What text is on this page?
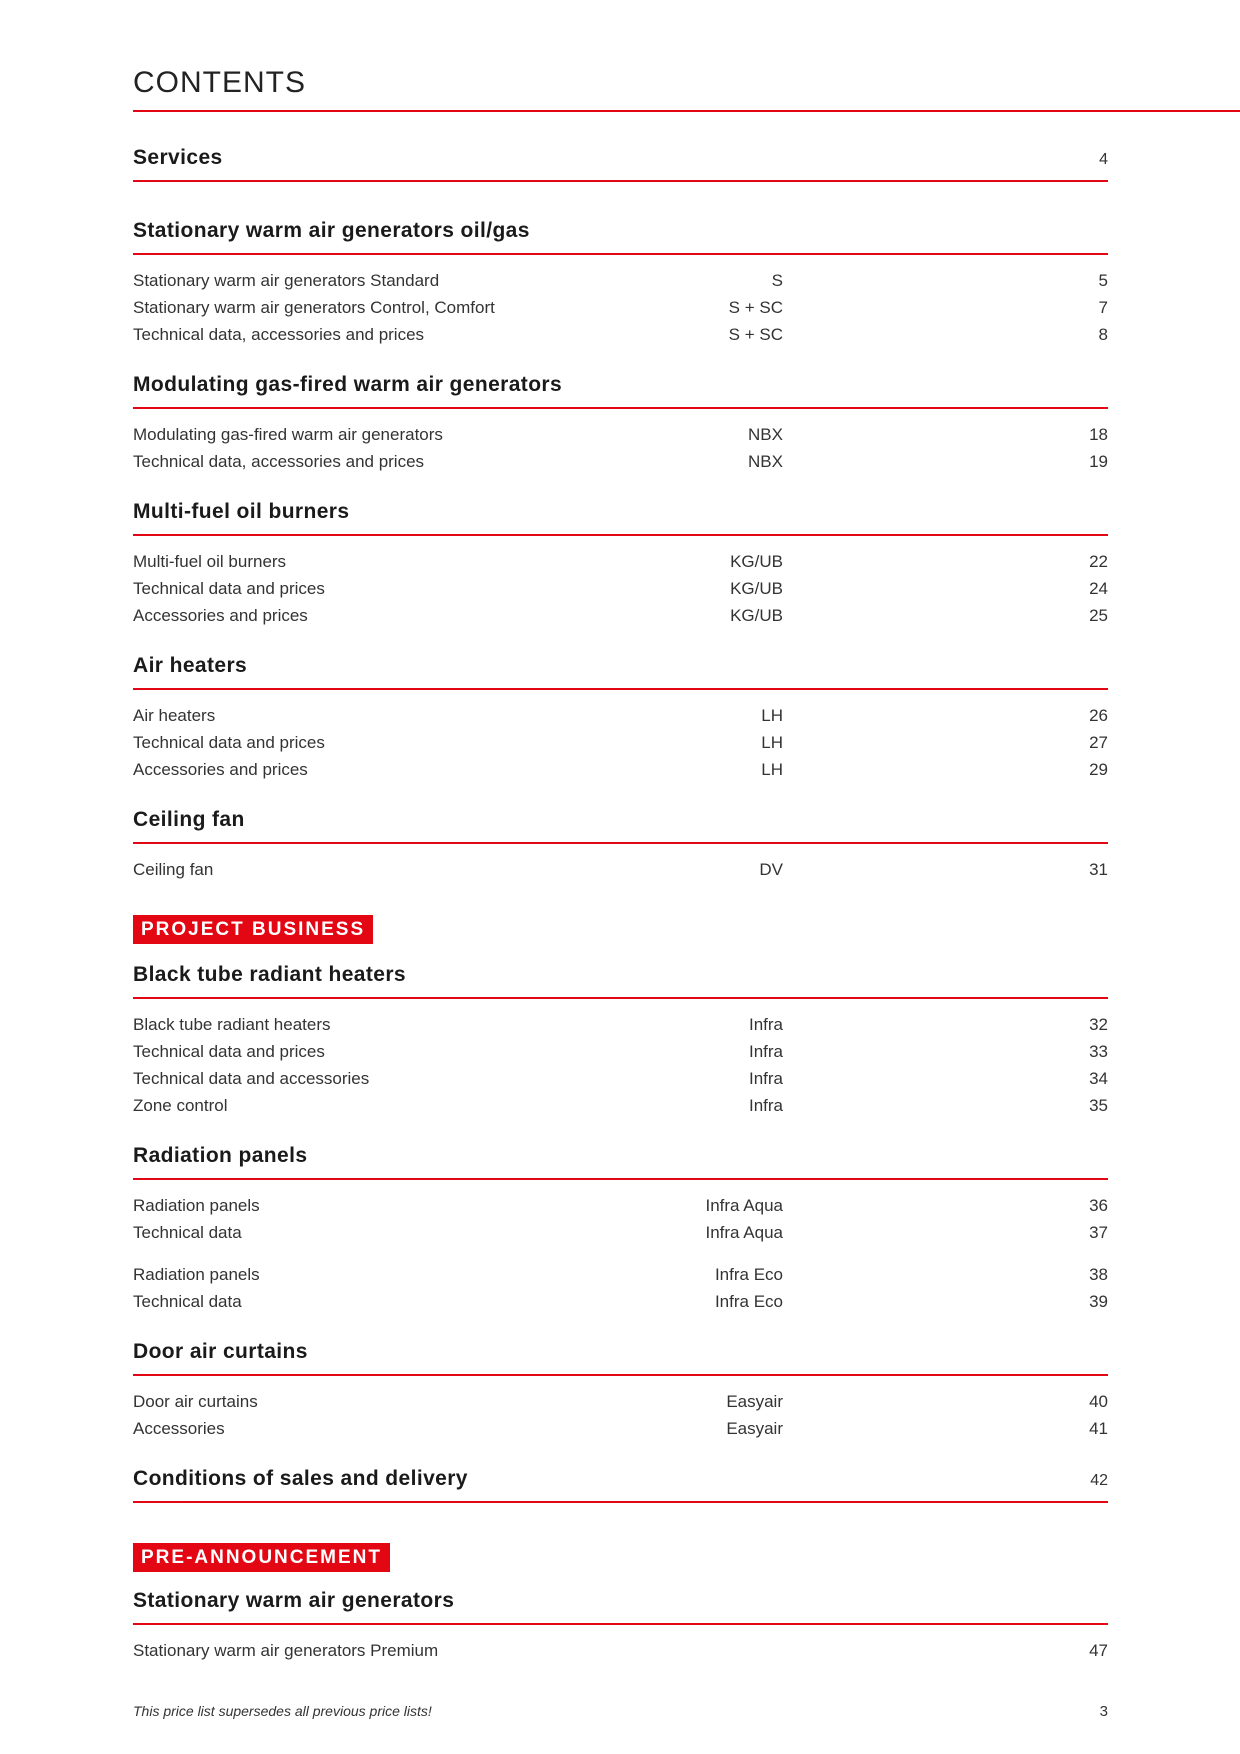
CONTENTS
Services	4
Stationary warm air generators oil/gas
Stationary warm air generators Standard	S	5
Stationary warm air generators Control, Comfort	S + SC	7
Technical data, accessories and prices	S + SC	8
Modulating gas-fired warm air generators
Modulating gas-fired warm air generators	NBX	18
Technical data, accessories and prices	NBX	19
Multi-fuel oil burners
Multi-fuel oil burners	KG/UB	22
Technical data and prices	KG/UB	24
Accessories and prices	KG/UB	25
Air heaters
Air heaters	LH	26
Technical data and prices	LH	27
Accessories and prices	LH	29
Ceiling fan
Ceiling fan	DV	31
PROJECT BUSINESS
Black tube radiant heaters
Black tube radiant heaters	Infra	32
Technical data and prices	Infra	33
Technical data and accessories	Infra	34
Zone control	Infra	35
Radiation panels
Radiation panels	Infra Aqua	36
Technical data	Infra Aqua	37
Radiation panels	Infra Eco	38
Technical data	Infra Eco	39
Door air curtains
Door air curtains	Easyair	40
Accessories	Easyair	41
Conditions of sales and delivery	42
PRE-ANNOUNCEMENT
Stationary warm air generators
Stationary warm air generators Premium	47
This price list supersedes all previous price lists!	3
